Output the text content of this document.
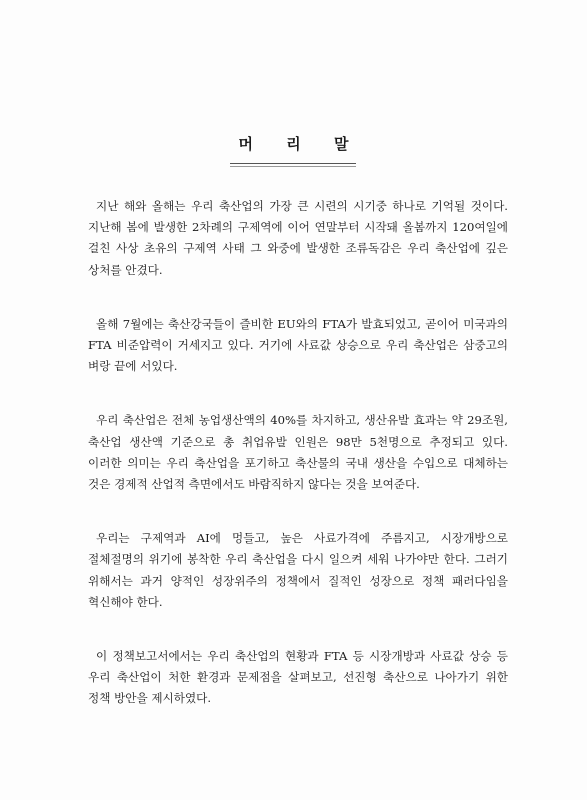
머 리 말

지난 해와 올해는 우리 축산업의 가장 큰 시련의 시기중 하나로 기억될 것이다. 지난해 봄에 발생한 2차례의 구제역에 이어 연말부터 시작돼 올봄까지 120여일에 걸친 사상 초유의 구제역 사태 그 와중에 발생한 조류독감은 우리 축산업에 깊은 상처를 안겼다.

올해 7월에는 축산강국들이 즐비한 EU와의 FTA가 발효되었고, 곧이어 미국과의 FTA 비준압력이 거세지고 있다. 거기에 사료값 상승으로 우리 축산업은 삼중고의 벼랑 끝에 서있다.

우리 축산업은 전체 농업생산액의 40%를 차지하고, 생산유발 효과는 약 29조원, 축산업 생산액 기준으로 총 취업유발 인원은 98만 5천명으로 추정되고 있다. 이러한 의미는 우리 축산업을 포기하고 축산물의 국내 생산을 수입으로 대체하는 것은 경제적 산업적 측면에서도 바람직하지 않다는 것을 보여준다.

우리는 구제역과 AI에 멍들고, 높은 사료가격에 주름지고, 시장개방으로 절체절명의 위기에 봉착한 우리 축산업을 다시 일으켜 세워 나가야만 한다. 그러기 위해서는 과거 양적인 성장위주의 정책에서 질적인 성장으로 정책 패러다임을 혁신해야 한다.

이 정책보고서에서는 우리 축산업의 현황과 FTA 등 시장개방과 사료값 상승 등 우리 축산업이 처한 환경과 문제점을 살펴보고, 선진형 축산으로 나아가기 위한 정책 방안을 제시하였다.
